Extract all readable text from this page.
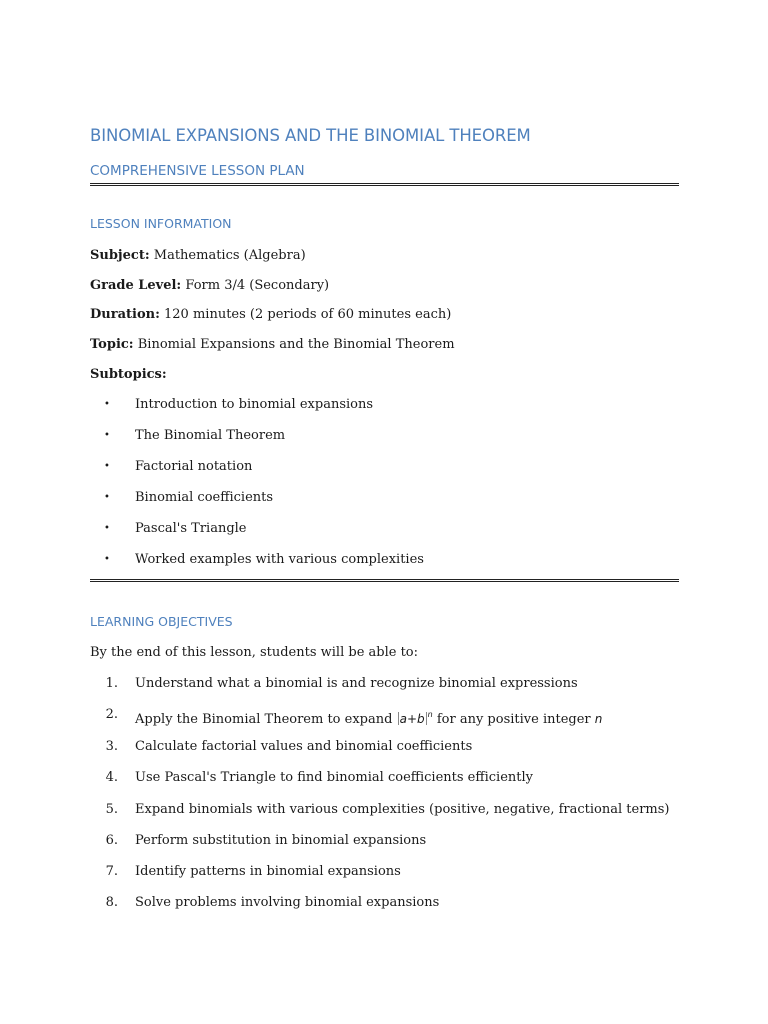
BINOMIAL EXPANSIONS AND THE BINOMIAL THEOREM
COMPREHENSIVE LESSON PLAN
LESSON INFORMATION
Subject: Mathematics (Algebra)
Grade Level: Form 3/4 (Secondary)
Duration: 120 minutes (2 periods of 60 minutes each)
Topic: Binomial Expansions and the Binomial Theorem
Subtopics:
• Introduction to binomial expansions
• The Binomial Theorem
• Factorial notation
• Binomial coefficients
• Pascal's Triangle
• Worked examples with various complexities
LEARNING OBJECTIVES
By the end of this lesson, students will be able to:
1. Understand what a binomial is and recognize binomial expressions
2. Apply the Binomial Theorem to expand a+b $^n$ for any positive integer n
3. Calculate factorial values and binomial coefficients
4. Use Pascal's Triangle to find binomial coefficients efficiently
5. Expand binomials with various complexities (positive, negative, fractional terms)
6. Perform substitution in binomial expansions
7. Identify patterns in binomial expansions
8. Solve problems involving binomial expansions
